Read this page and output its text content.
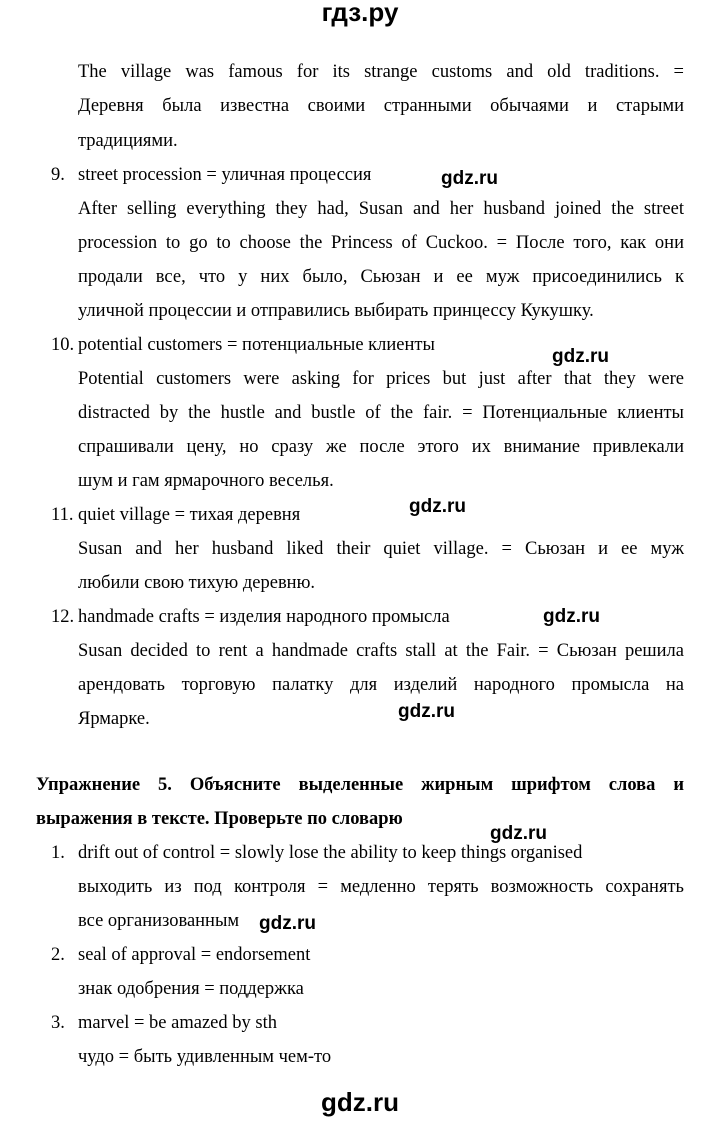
гдз.ру
The village was famous for its strange customs and old traditions. =
Деревня была известна своими странными обычаями и старыми
традициями.
9. street procession = уличная процессия	gdz.ru
After selling everything they had, Susan and her husband joined the street
procession to go to choose the Princess of Cuckoo. = После того, как они
продали все, что у них было, Сьюзан и ее муж присоединились к
уличной процессии и отправились выбирать принцессу Кукушку.
10. potential customers = потенциальные клиенты
gdz.ru
Potential customers were asking for prices but just after that they were
distracted by the hustle and bustle of the fair. = Потенциальные клиенты
спрашивали цену, но сразу же после этого их внимание привлекали
шум и гам ярмарочного веселья.
11. quiet village = тихая деревня	gdz.ru
Susan and her husband liked their quiet village. = Сьюзан и ее муж
любили свою тихую деревню.
12. handmade crafts = изделия народного промысла	gdz.ru
Susan decided to rent a handmade crafts stall at the Fair. = Сьюзан решила
арендовать торговую палатку для изделий народного промысла на
Ярмарке.	gdz.ru
Упражнение 5. Объясните выделенные жирным шрифтом слова и
выражения в тексте. Проверьте по словарю
gdz.ru
1. drift out of control = slowly lose the ability to keep things organised
выходить из под контроля = медленно терять возможность сохранять
все организованным gdz.ru
2. seal of approval = endorsement
знак одобрения = поддержка
3. marvel = be amazed by sth
чудо = быть удивленным чем-то
gdz.ru
